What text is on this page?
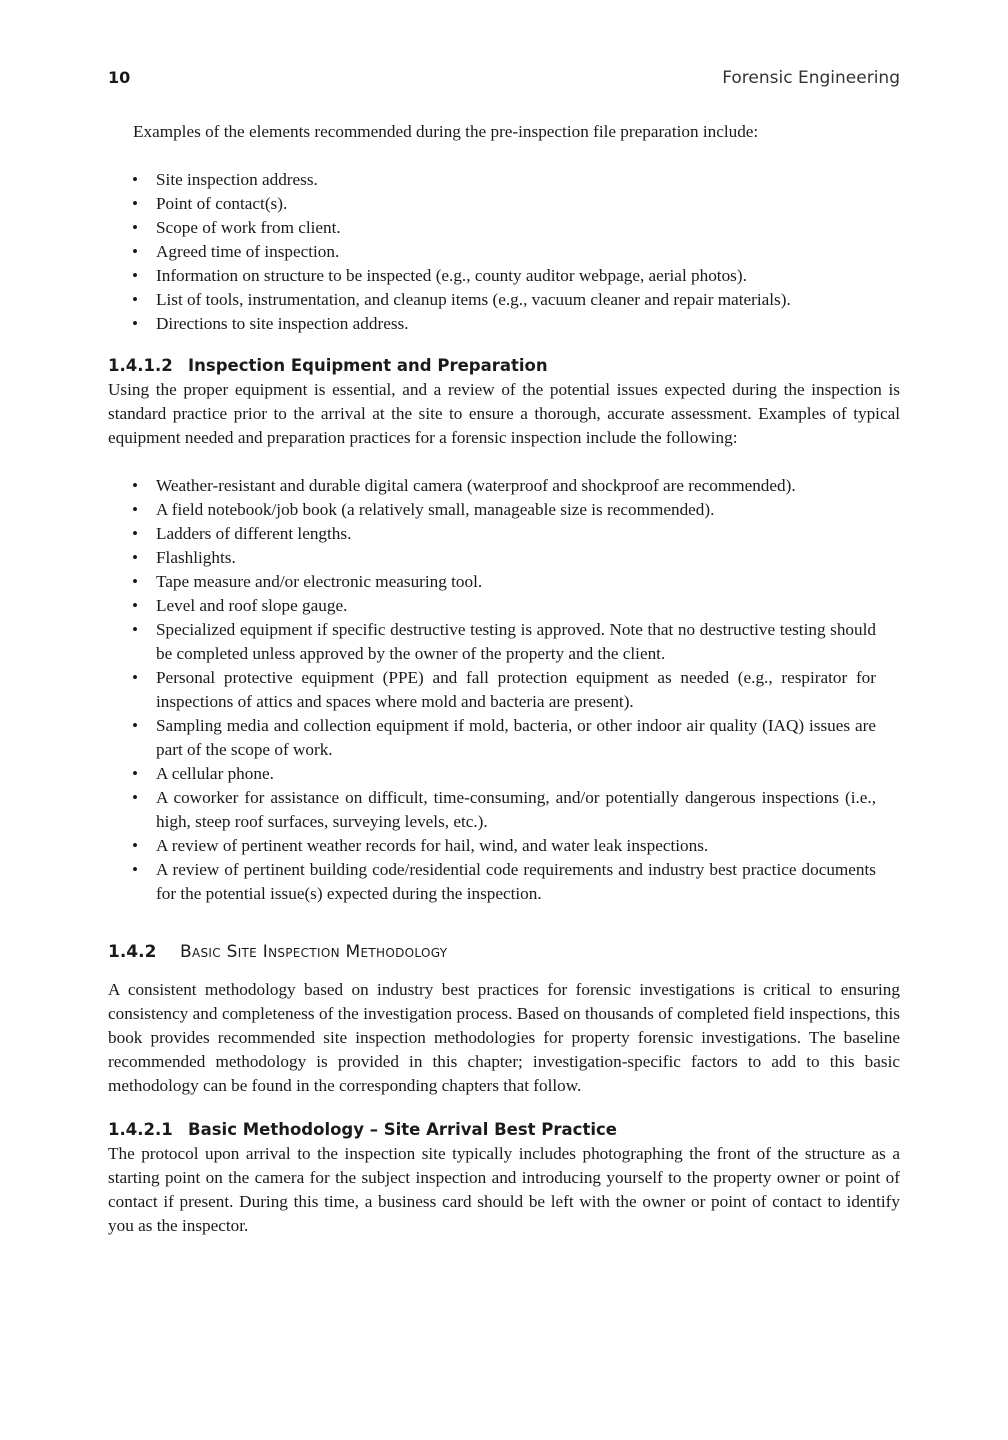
10	Forensic Engineering

Examples of the elements recommended during the pre-inspection file preparation include:

• Site inspection address.
• Point of contact(s).
• Scope of work from client.
• Agreed time of inspection.
• Information on structure to be inspected (e.g., county auditor webpage, aerial photos).
• List of tools, instrumentation, and cleanup items (e.g., vacuum cleaner and repair materials).
• Directions to site inspection address.
1.4.1.2 Inspection Equipment and Preparation

Using the proper equipment is essential, and a review of the potential issues expected during the inspection is standard practice prior to the arrival at the site to ensure a thorough, accurate assessment. Examples of typical equipment needed and preparation practices for a forensic inspection include the following:

• Weather-resistant and durable digital camera (waterproof and shockproof are recommended).
• A field notebook/job book (a relatively small, manageable size is recommended).
• Ladders of different lengths.
• Flashlights.
• Tape measure and/or electronic measuring tool.
• Level and roof slope gauge.
• Specialized equipment if specific destructive testing is approved. Note that no destructive testing should be completed unless approved by the owner of the property and the client.
• Personal protective equipment (PPE) and fall protection equipment as needed (e.g., respirator for inspections of attics and spaces where mold and bacteria are present).
• Sampling media and collection equipment if mold, bacteria, or other indoor air quality (IAQ) issues are part of the scope of work.
• A cellular phone.
• A coworker for assistance on difficult, time-consuming, and/or potentially dangerous inspections (i.e., high, steep roof surfaces, surveying levels, etc.).
• A review of pertinent weather records for hail, wind, and water leak inspections.
• A review of pertinent building code/residential code requirements and industry best practice documents for the potential issue(s) expected during the inspection.
1.4.2 Basic Site Inspection Methodology

A consistent methodology based on industry best practices for forensic investigations is critical to ensuring consistency and completeness of the investigation process. Based on thousands of completed field inspections, this book provides recommended site inspection methodologies for property forensic investigations. The baseline recommended methodology is provided in this chapter; investigation-specific factors to add to this basic methodology can be found in the corresponding chapters that follow.

1.4.2.1 Basic Methodology – Site Arrival Best Practice

The protocol upon arrival to the inspection site typically includes photographing the front of the structure as a starting point on the camera for the subject inspection and introducing yourself to the property owner or point of contact if present. During this time, a business card should be left with the owner or point of contact to identify you as the inspector.
